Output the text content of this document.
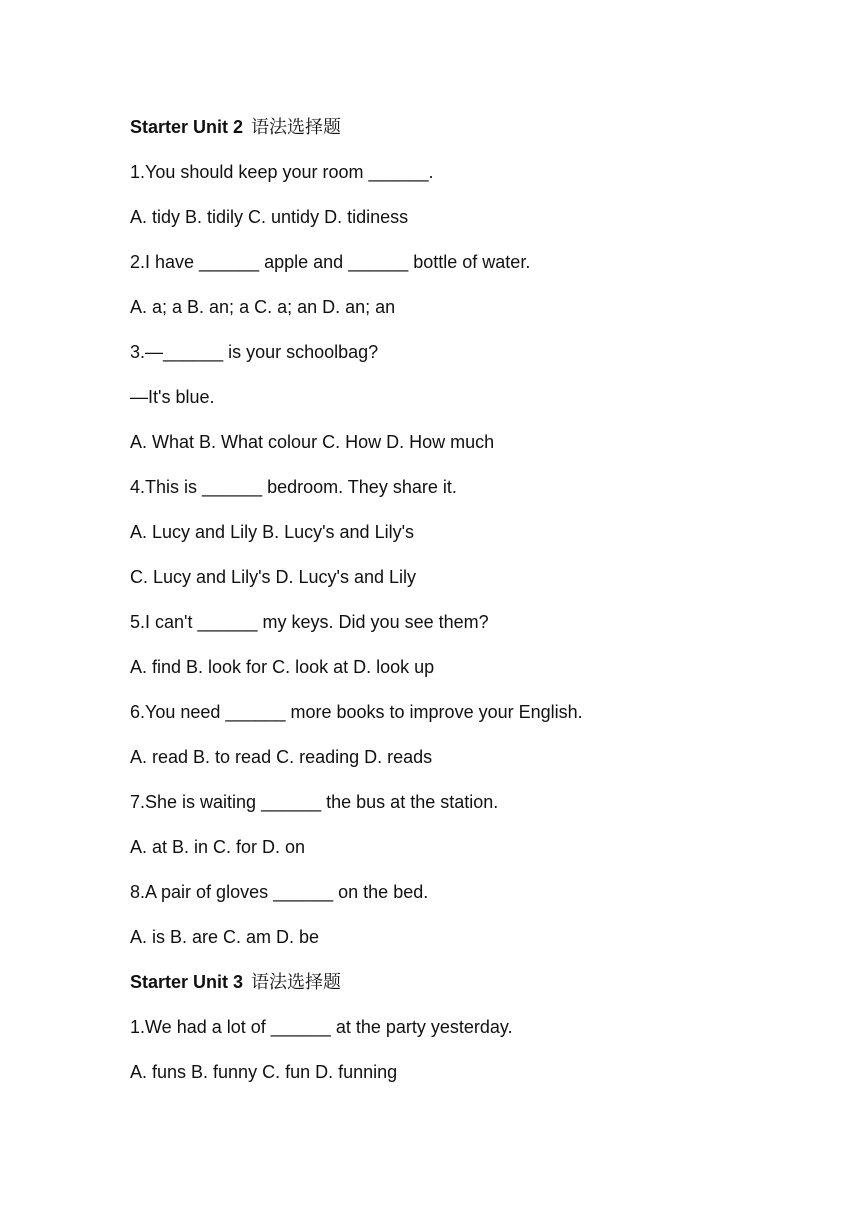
Starter Unit 2 语法选择题
1.You should keep your room ______.
A. tidy B. tidily C. untidy D. tidiness
2.I have ______ apple and ______ bottle of water.
A. a; a B. an; a C. a; an D. an; an
3.—______ is your schoolbag?
—It's blue.
A. What B. What colour C. How D. How much
4.This is ______ bedroom. They share it.
A. Lucy and Lily B. Lucy's and Lily's
C. Lucy and Lily's D. Lucy's and Lily
5.I can't ______ my keys. Did you see them?
A. find B. look for C. look at D. look up
6.You need ______ more books to improve your English.
A. read B. to read C. reading D. reads
7.She is waiting ______ the bus at the station.
A. at B. in C. for D. on
8.A pair of gloves ______ on the bed.
A. is B. are C. am D. be
Starter Unit 3 语法选择题
1.We had a lot of ______ at the party yesterday.
A. funs B. funny C. fun D. funning
